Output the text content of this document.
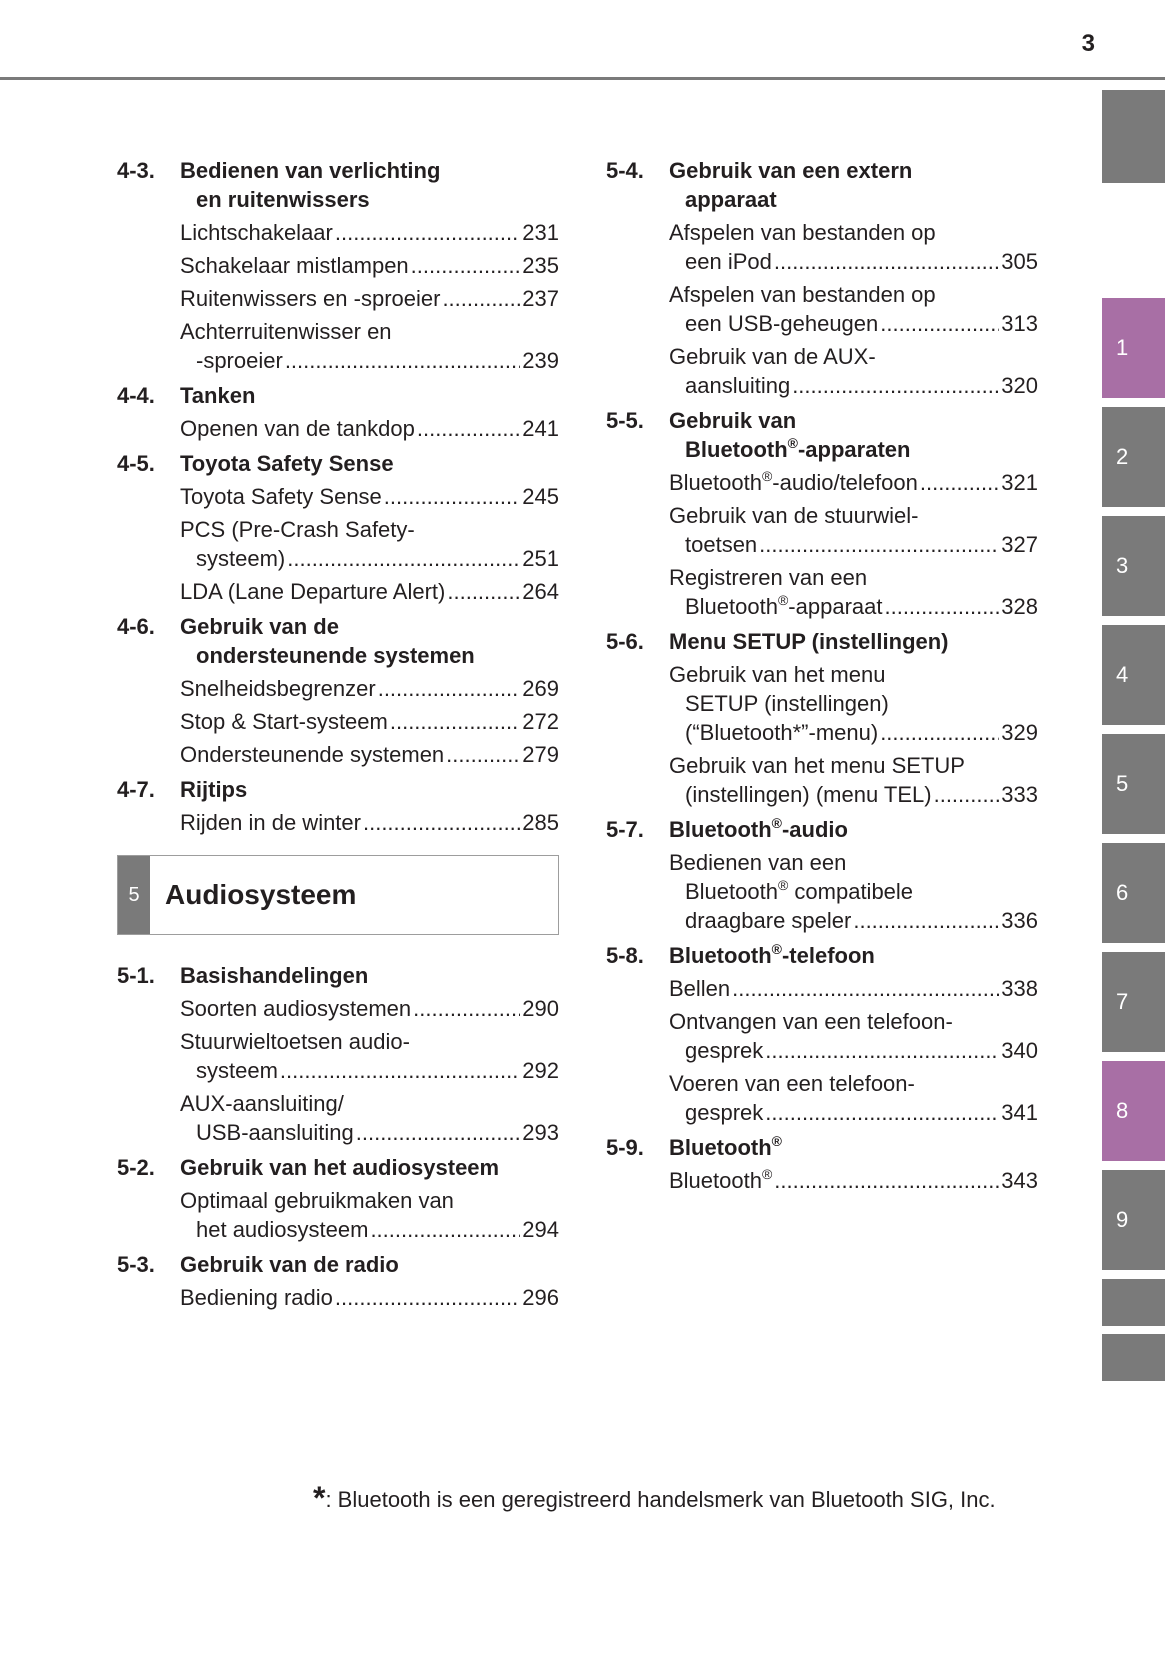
3
1
2
3
4
5
6
7
8
9
4-3.	Bedienen van verlichting
en ruitenwissers
Lichtschakelaar .....	231
Schakelaar mistlampen .....	235
Ruitenwissers en -sproeier .....	237
Achterruitenwisser en
-sproeier .....	239
4-4.	Tanken
Openen van de tankdop .....	241
4-5.	Toyota Safety Sense
Toyota Safety Sense .....	245
PCS (Pre-Crash Safety-
systeem) .....	251
LDA (Lane Departure Alert) .....	264
4-6.	Gebruik van de
ondersteunende systemen
Snelheidsbegrenzer .....	269
Stop & Start-systeem .....	272
Ondersteunende systemen .....	279
4-7.	Rijtips
Rijden in de winter .....	285
5 Audiosysteem
5-1.	Basishandelingen
Soorten audiosystemen .....	290
Stuurwieltoetsen audio-
systeem .....	292
AUX-aansluiting/
USB-aansluiting .....	293
5-2.	Gebruik van het audiosysteem
Optimaal gebruikmaken van
het audiosysteem .....	294
5-3.	Gebruik van de radio
Bediening radio .....	296
5-4.	Gebruik van een extern
apparaat
Afspelen van bestanden op
een iPod .....	305
Afspelen van bestanden op
een USB-geheugen .....	313
Gebruik van de AUX-
aansluiting .....	320
5-5.	Gebruik van
Bluetooth®-apparaten
Bluetooth®-audio/telefoon .....	321
Gebruik van de stuurwiel-
toetsen .....	327
Registreren van een
Bluetooth®-apparaat .....	328
5-6.	Menu SETUP (instellingen)
Gebruik van het menu
SETUP (instellingen)
(“Bluetooth*”-menu) .....	329
Gebruik van het menu SETUP
(instellingen) (menu TEL) .....	333
5-7.	Bluetooth®-audio
Bedienen van een
Bluetooth® compatibele
draagbare speler .....	336
5-8.	Bluetooth®-telefoon
Bellen .....	338
Ontvangen van een telefoon-
gesprek .....	340
Voeren van een telefoon-
gesprek .....	341
5-9.	Bluetooth®
Bluetooth® .....	343
*: Bluetooth is een geregistreerd handelsmerk van Bluetooth SIG, Inc.
